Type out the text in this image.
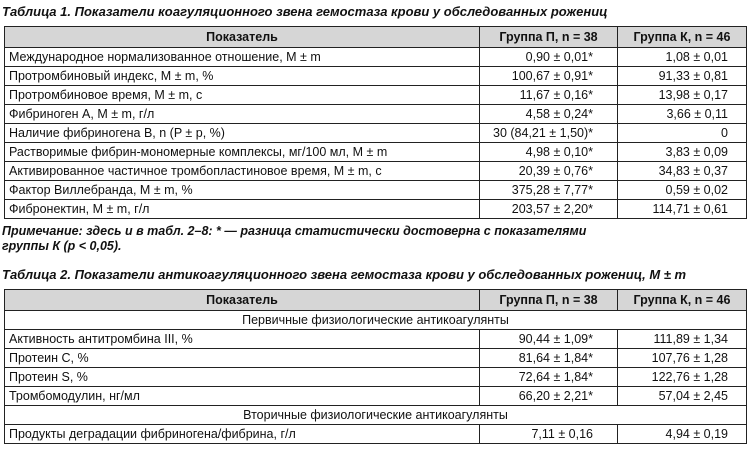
Таблица 1. Показатели коагуляционного звена гемостаза крови у обследованных рожениц
Показатель	Группа П, n = 38	Группа К, n = 46
Международное нормализованное отношение, M ± m	0,90 ± 0,01*	1,08 ± 0,01
Протромбиновый индекс, M ± m, %	100,67 ± 0,91*	91,33 ± 0,81
Протромбиновое время, M ± m, с	11,67 ± 0,16*	13,98 ± 0,17
Фибриноген А, M ± m, г/л	4,58 ± 0,24*	3,66 ± 0,11
Наличие фибриногена В, n (P ± p, %)	30 (84,21 ± 1,50)*	0
Растворимые фибрин-мономерные комплексы, мг/100 мл, M ± m	4,98 ± 0,10*	3,83 ± 0,09
Активированное частичное тромбопластиновое время, M ± m, с	20,39 ± 0,76*	34,83 ± 0,37
Фактор Виллебранда, M ± m, %	375,28 ± 7,77*	0,59 ± 0,02
Фибронектин, M ± m, г/л	203,57 ± 2,20*	114,71 ± 0,61
Примечание: здесь и в табл. 2–8: * — разница статистически достоверна с показателями
группы К (p < 0,05).
Таблица 2. Показатели антикоагуляционного звена гемостаза крови у обследованных рожениц, M ± m
Показатель	Группа П, n = 38	Группа К, n = 46
Первичные физиологические антикоагулянты		
Активность антитромбина III, %	90,44 ± 1,09*	111,89 ± 1,34
Протеин С, %	81,64 ± 1,84*	107,76 ± 1,28
Протеин S, %	72,64 ± 1,84*	122,76 ± 1,28
Тромбомодулин, нг/мл	66,20 ± 2,21*	57,04 ± 2,45
Вторичные физиологические антикоагулянты		
Продукты деградации фибриногена/фибрина, г/л	7,11 ± 0,16	4,94 ± 0,19
